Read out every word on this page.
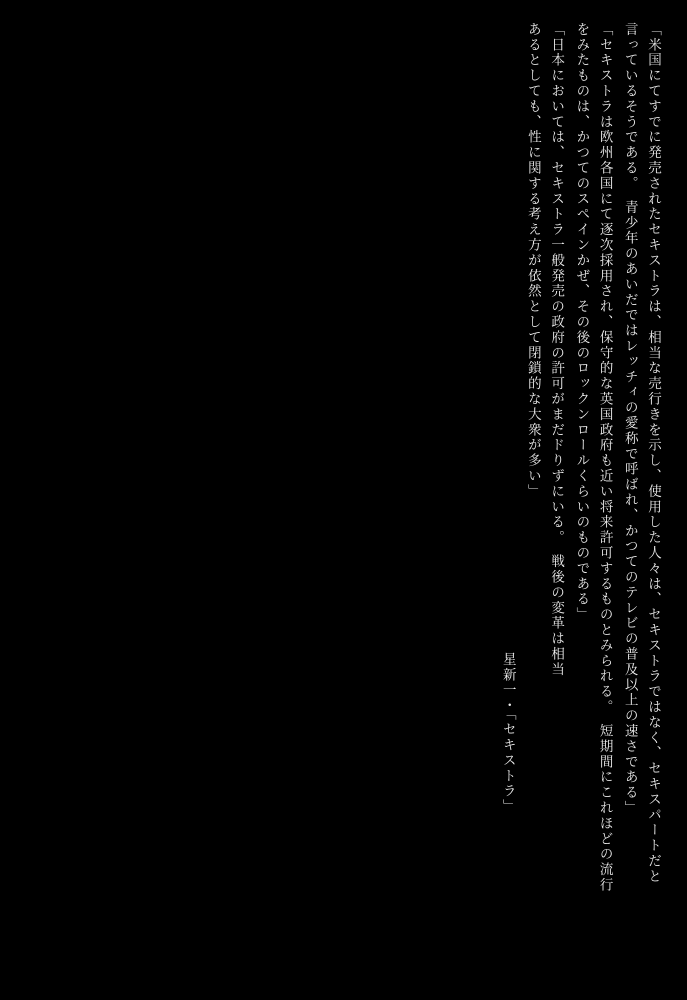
「米国にてすでに発売されたセキストラは、相当な売行きを示し、使用した人々は、セキストラではなく、セキスパートだと言っているそうである。　青少年のあいだではレッチィの愛称で呼ばれ、かつてのテレビの普及以上の速さである」
「セキストラは欧州各国にて逐次採用され、保守的な英国政府も近い将来許可するものとみられる。　短期間にこれほどの流行をみたものは、かつてのスペインかぜ、その後のロックンロールくらいのものである」
「日本においては、セキストラ一般発売の政府の許可がまだドりずにいる。　戦後の変革は相当あるとしても、性に関する考え方が依然として閉鎖的な大衆が多い」
星新一・「セキストラ」
